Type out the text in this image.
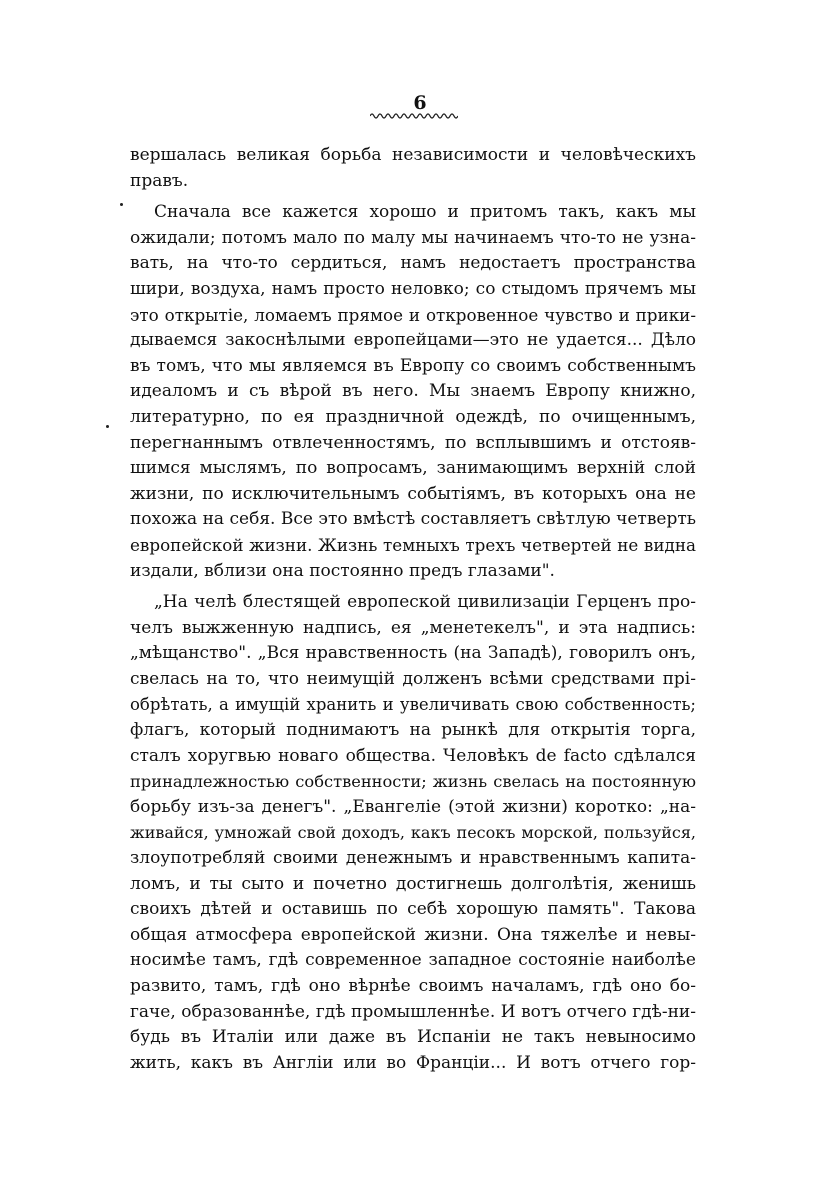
6
вершалась великая борьба независимости и человѣческихъ
правъ.
Сначала все кажется хорошо и притомъ такъ, какъ мы
ожидали; потомъ мало по малу мы начинаемъ что-то не узна-
вать, на что-то сердиться, намъ недостаетъ пространства
шири, воздуха, намъ просто неловко; со стыдомъ прячемъ мы
это открытіе, ломаемъ прямое и откровенное чувство и прики-
дываемся закоснѣлыми европейцами—это не удается... Дѣло
въ томъ, что мы являемся въ Европу со своимъ собственнымъ
идеаломъ и съ вѣрой въ него. Мы знаемъ Европу книжно,
литературно, по ея праздничной одеждѣ, по очищеннымъ,
перегнаннымъ отвлеченностямъ, по всплывшимъ и отстояв-
шимся мыслямъ, по вопросамъ, занимающимъ верхній слой
жизни, по исключительнымъ событіямъ, въ которыхъ она не
похожа на себя. Все это вмѣстѣ составляетъ свѣтлую четверть
европейской жизни. Жизнь темныхъ трехъ четвертей не видна
издали, вблизи она постоянно предъ глазами".
„На челѣ блестящей европеской цивилизаціи Герценъ про-
челъ выжженную надпись, ея „менетекелъ", и эта надпись:
„мѣщанство". „Вся нравственность (на Западѣ), говорилъ онъ,
свелась на то, что неимущій долженъ всѣми средствами прі-
обрѣтать, а имущій хранить и увеличивать свою собственность;
флагъ, который поднимаютъ на рынкѣ для открытія торга,
сталъ хоругвью новаго общества. Человѣкъ de facto сдѣлался
принадлежностью собственности; жизнь свелась на постоянную
борьбу изъ-за денегъ". „Евангеліе (этой жизни) коротко: „на-
живайся, умножай свой доходъ, какъ песокъ морской, пользуйся,
злоупотребляй своими денежнымъ и нравственнымъ капита-
ломъ, и ты сыто и почетно достигнешь долголѣтія, женишь
своихъ дѣтей и оставишь по себѣ хорошую память". Такова
общая атмосфера европейской жизни. Она тяжелѣе и невы-
носимѣе тамъ, гдѣ современное западное состояніе наиболѣе
развито, тамъ, гдѣ оно вѣрнѣе своимъ началамъ, гдѣ оно бо-
гаче, образованнѣе, гдѣ промышленнѣе. И вотъ отчего гдѣ-ни-
будь въ Италіи или даже въ Испаніи не такъ невыносимо
жить, какъ въ Англіи или во Франціи... И вотъ отчего гор-
